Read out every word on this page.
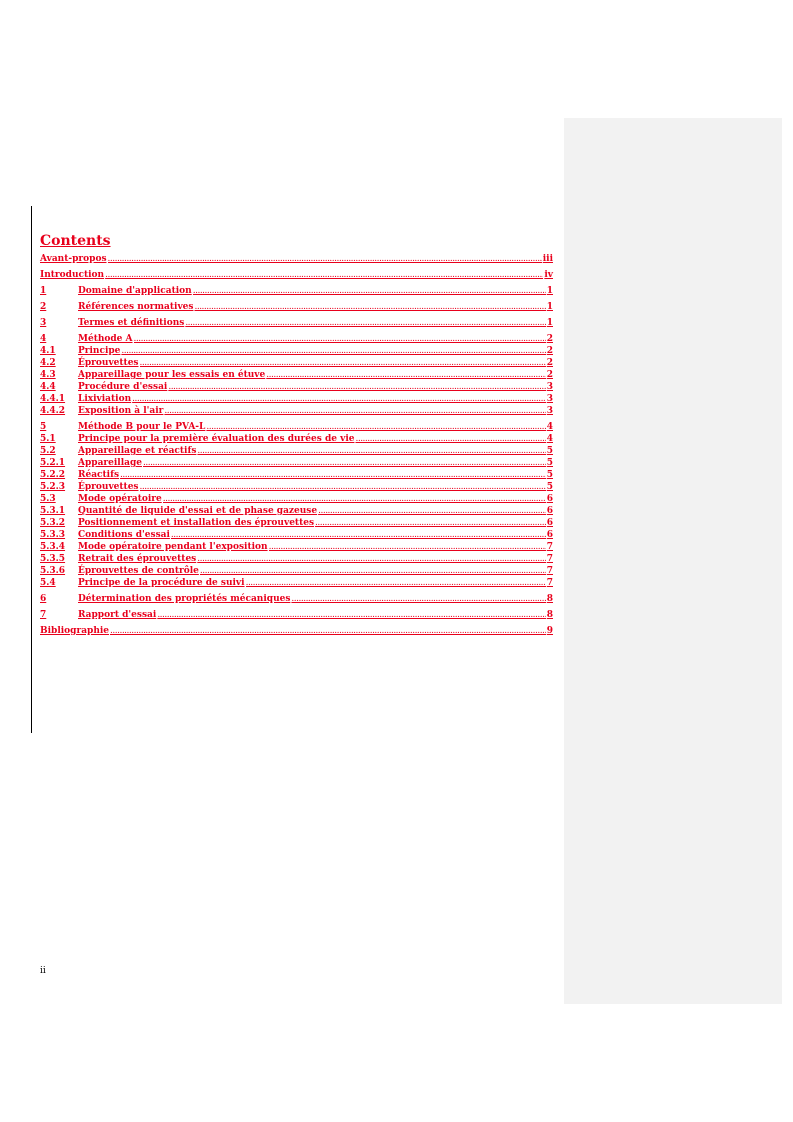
Contents
Avant-propos .....	iii
Introduction .....	iv
1	Domaine d'application .....	1
2	Références normatives .....	1
3	Termes et définitions .....	1
4	Méthode A .....	2
4.1	Principe .....	2
4.2	Éprouvettes .....	2
4.3	Appareillage pour les essais en étuve .....	2
4.4	Procédure d'essai .....	3
4.4.1	Lixiviation .....	3
4.4.2	Exposition à l'air .....	3
5	Méthode B pour le PVA-L .....	4
5.1	Principe pour la première évaluation des durées de vie .....	4
5.2	Appareillage et réactifs .....	5
5.2.1	Appareillage .....	5
5.2.2	Réactifs .....	5
5.2.3	Éprouvettes .....	5
5.3	Mode opératoire .....	6
5.3.1	Quantité de liquide d'essai et de phase gazeuse .....	6
5.3.2	Positionnement et installation des éprouvettes .....	6
5.3.3	Conditions d'essai .....	6
5.3.4	Mode opératoire pendant l'exposition .....	7
5.3.5	Retrait des éprouvettes .....	7
5.3.6	Éprouvettes de contrôle .....	7
5.4	Principe de la procédure de suivi .....	7
6	Détermination des propriétés mécaniques .....	8
7	Rapport d'essai .....	8
Bibliographie .....	9
ii
